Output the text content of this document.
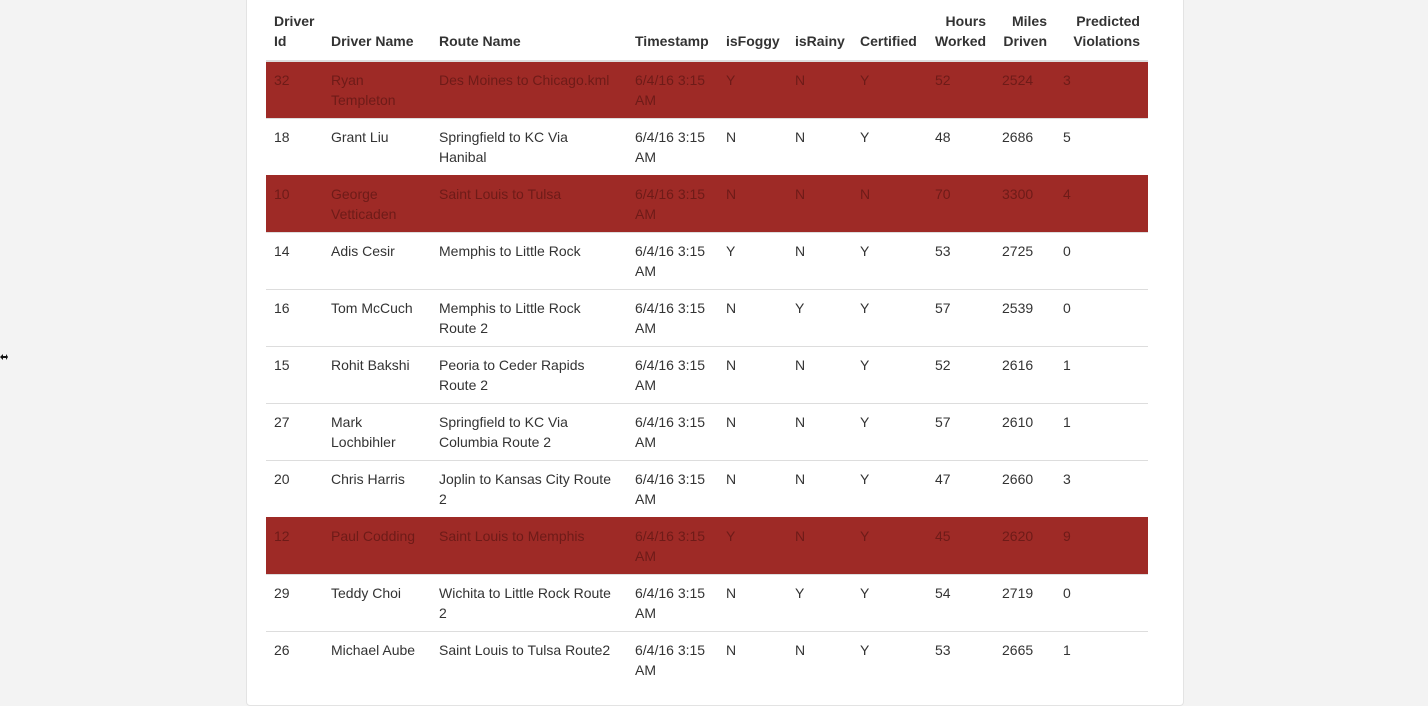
Driver Id	Driver Name	Route Name	Timestamp	isFoggy	isRainy	Certified	Hours Worked	Miles Driven	Predicted Violations
32	Ryan Templeton	Des Moines to Chicago.kml	6/4/16 3:15 AM	Y	N	Y	52	2524	3
18	Grant Liu	Springfield to KC Via Hanibal	6/4/16 3:15 AM	N	N	Y	48	2686	5
10	George Vetticaden	Saint Louis to Tulsa	6/4/16 3:15 AM	N	N	N	70	3300	4
14	Adis Cesir	Memphis to Little Rock	6/4/16 3:15 AM	Y	N	Y	53	2725	0
16	Tom McCuch	Memphis to Little Rock Route 2	6/4/16 3:15 AM	N	Y	Y	57	2539	0
15	Rohit Bakshi	Peoria to Ceder Rapids Route 2	6/4/16 3:15 AM	N	N	Y	52	2616	1
27	Mark Lochbihler	Springfield to KC Via Columbia Route 2	6/4/16 3:15 AM	N	N	Y	57	2610	1
20	Chris Harris	Joplin to Kansas City Route 2	6/4/16 3:15 AM	N	N	Y	47	2660	3
12	Paul Codding	Saint Louis to Memphis	6/4/16 3:15 AM	Y	N	Y	45	2620	9
29	Teddy Choi	Wichita to Little Rock Route 2	6/4/16 3:15 AM	N	Y	Y	54	2719	0
26	Michael Aube	Saint Louis to Tulsa Route2	6/4/16 3:15 AM	N	N	Y	53	2665	1
